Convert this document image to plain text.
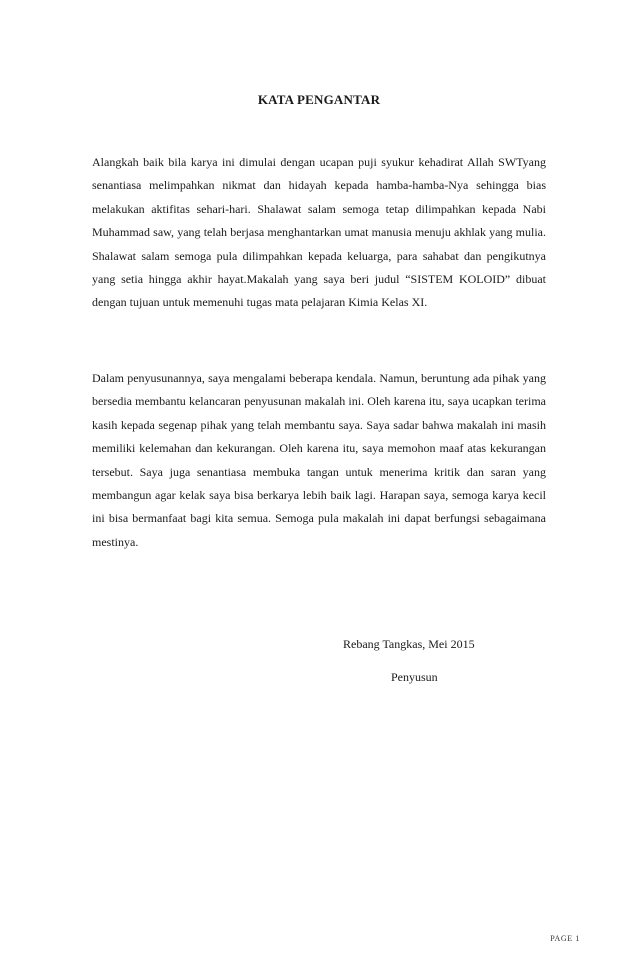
KATA PENGANTAR

Alangkah baik bila karya ini dimulai dengan ucapan puji syukur kehadirat Allah SWTyang senantiasa melimpahkan nikmat dan hidayah kepada hamba-hamba-Nya sehingga bias melakukan aktifitas sehari-hari. Shalawat salam semoga tetap dilimpahkan kepada Nabi Muhammad saw, yang telah berjasa menghantarkan umat manusia menuju akhlak yang mulia. Shalawat salam semoga pula dilimpahkan kepada keluarga, para sahabat dan pengikutnya yang setia hingga akhir hayat.Makalah yang saya beri judul “SISTEM KOLOID” dibuat dengan tujuan untuk memenuhi tugas mata pelajaran Kimia Kelas XI.

Dalam penyusunannya, saya mengalami beberapa kendala. Namun, beruntung ada pihak yang bersedia membantu kelancaran penyusunan makalah ini. Oleh karena itu, saya ucapkan terima kasih kepada segenap pihak yang telah membantu saya. Saya sadar bahwa makalah ini masih memiliki kelemahan dan kekurangan. Oleh karena itu, saya memohon maaf atas kekurangan tersebut. Saya juga senantiasa membuka tangan untuk menerima kritik dan saran yang membangun agar kelak saya bisa berkarya lebih baik lagi. Harapan saya, semoga karya kecil ini bisa bermanfaat bagi kita semua. Semoga pula makalah ini dapat berfungsi sebagaimana mestinya.

Rebang Tangkas, Mei 2015

Penyusun

PAGE 1
